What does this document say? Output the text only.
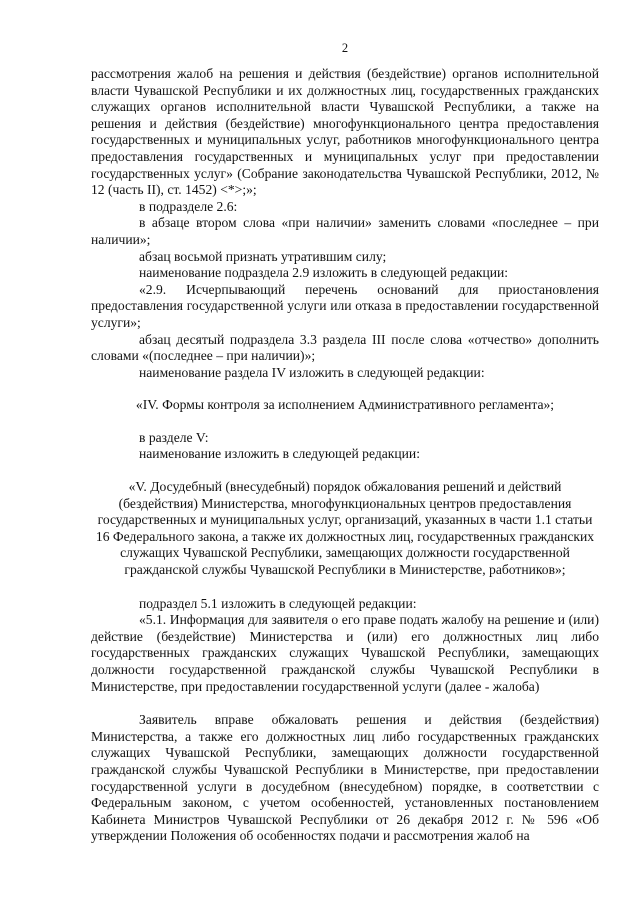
2

рассмотрения жалоб на решения и действия (бездействие) органов исполнительной власти Чувашской Республики и их должностных лиц, государственных гражданских служащих органов исполнительной власти Чувашской Республики, а также на решения и действия (бездействие) многофункционального центра предоставления государственных и муниципальных услуг, работников многофункционального центра предоставления государственных и муниципальных услуг при предоставлении государственных услуг» (Собрание законодательства Чувашской Республики, 2012, № 12 (часть II), ст. 1452) <*>;»;

в подразделе 2.6:

в абзаце втором слова «при наличии» заменить словами «последнее – при наличии»;

абзац восьмой признать утратившим силу;

наименование подраздела 2.9 изложить в следующей редакции:

«2.9. Исчерпывающий перечень оснований для приостановления предоставления государственной услуги или отказа в предоставлении государственной услуги»;

абзац десятый подраздела 3.3 раздела III после слова «отчество» дополнить словами «(последнее – при наличии)»;

наименование раздела IV изложить в следующей редакции:

«IV. Формы контроля за исполнением Административного регламента»;

в разделе V:

наименование изложить в следующей редакции:

«V. Досудебный (внесудебный) порядок обжалования решений и действий (бездействия) Министерства, многофункциональных центров предоставления государственных и муниципальных услуг, организаций, указанных в части 1.1 статьи 16 Федерального закона, а также их должностных лиц, государственных гражданских служащих Чувашской Республики, замещающих должности государственной гражданской службы Чувашской Республики в Министерстве, работников»;

подраздел 5.1 изложить в следующей редакции:

«5.1. Информация для заявителя о его праве подать жалобу на решение и (или) действие (бездействие) Министерства и (или) его должностных лиц либо государственных гражданских служащих Чувашской Республики, замещающих должности государственной гражданской службы Чувашской Республики в Министерстве, при предоставлении государственной услуги (далее - жалоба)

Заявитель вправе обжаловать решения и действия (бездействия) Министерства, а также его должностных лиц либо государственных гражданских служащих Чувашской Республики, замещающих должности государственной гражданской службы Чувашской Республики в Министерстве, при предоставлении государственной услуги в досудебном (внесудебном) порядке, в соответствии с Федеральным законом, с учетом особенностей, установленных постановлением Кабинета Министров Чувашской Республики от 26 декабря 2012 г. № 596 «Об утверждении Положения об особенностях подачи и рассмотрения жалоб на
